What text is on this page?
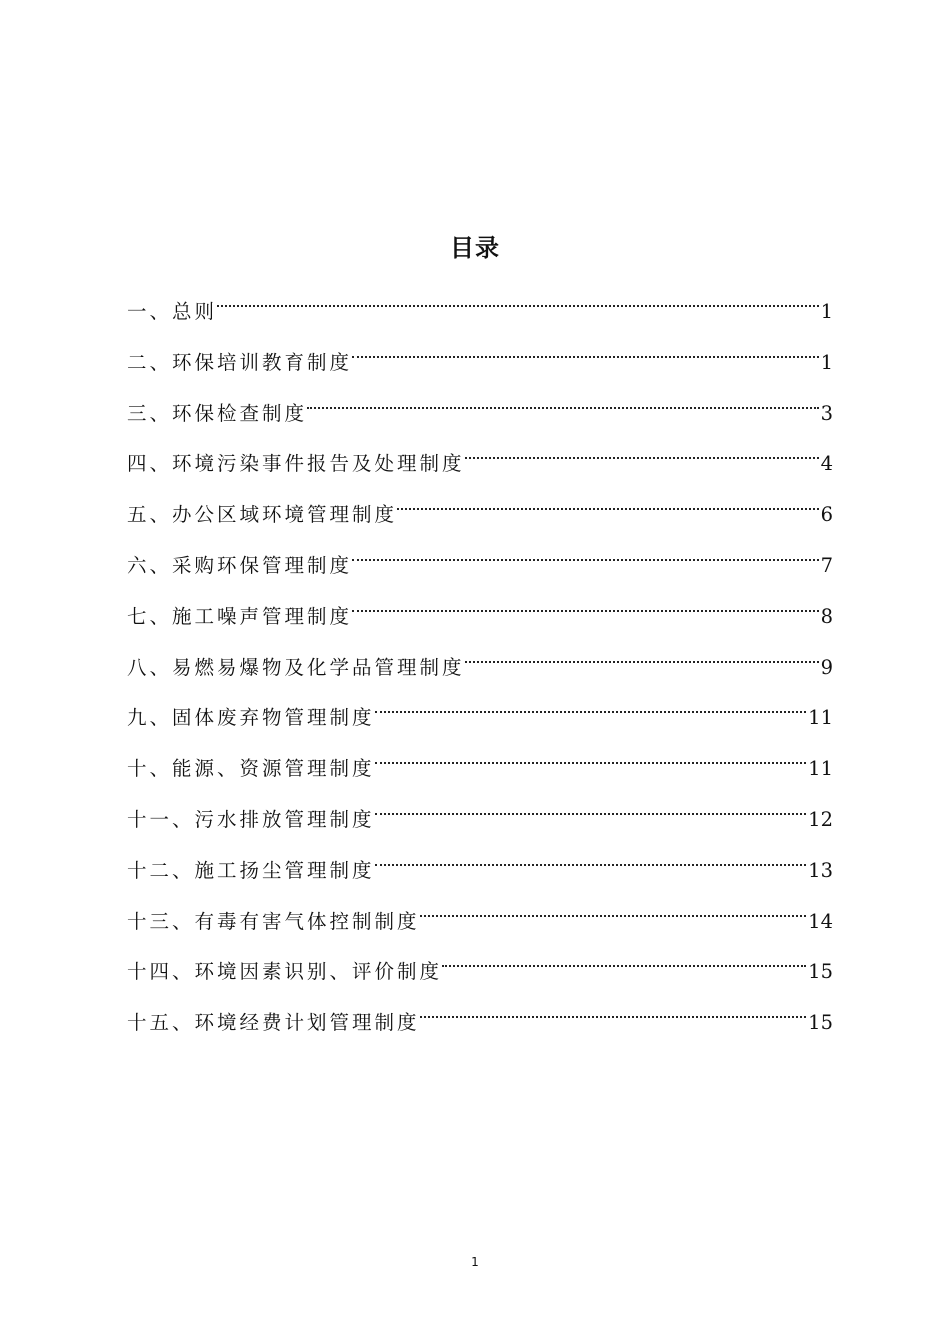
目录
一、总则	1
二、环保培训教育制度	1
三、环保检查制度	3
四、环境污染事件报告及处理制度	4
五、办公区域环境管理制度	6
六、采购环保管理制度	7
七、施工噪声管理制度	8
八、易燃易爆物及化学品管理制度	9
九、固体废弃物管理制度	11
十、能源、资源管理制度	11
十一、污水排放管理制度	12
十二、施工扬尘管理制度	13
十三、有毒有害气体控制制度	14
十四、环境因素识别、评价制度	15
十五、环境经费计划管理制度	15
1
